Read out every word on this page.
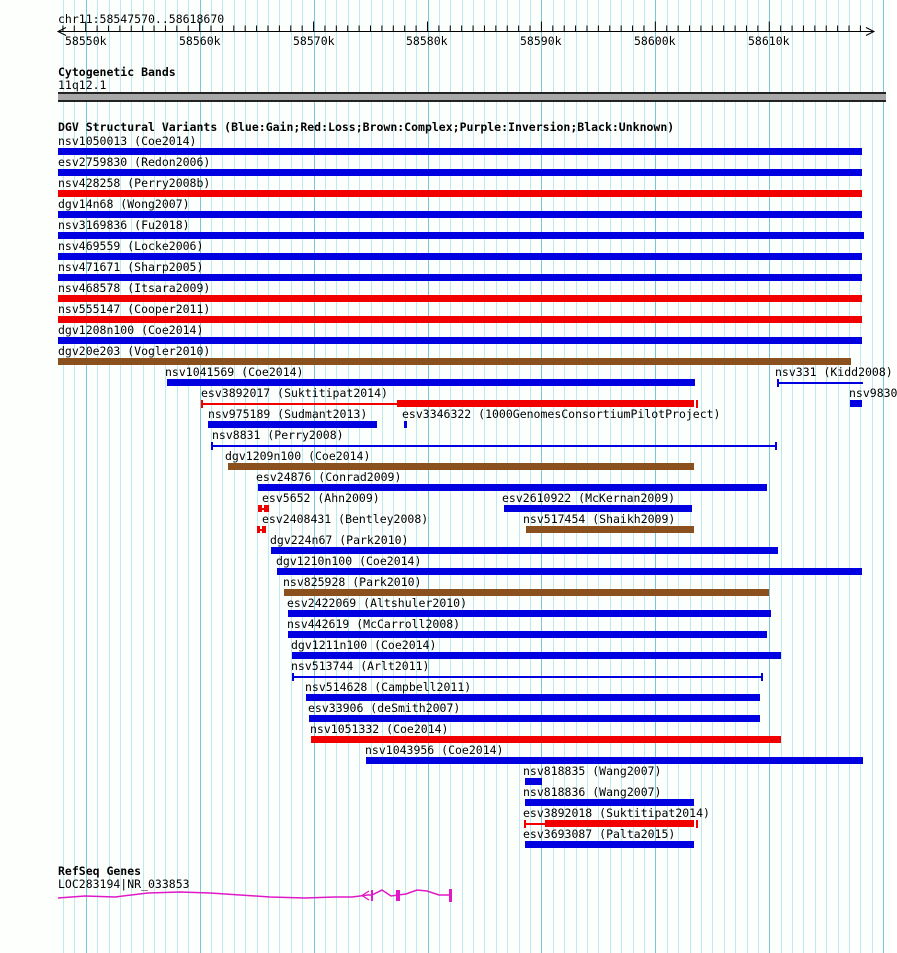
chr11:58547570..58618670
58550k	58560k	58570k	58580k	58590k	58600k	58610k
Cytogenetic Bands
11q12.1
DGV Structural Variants (Blue:Gain;Red:Loss;Brown:Complex;Purple:Inversion;Black:Unknown)
nsv1050013 (Coe2014)
esv2759830 (Redon2006)
nsv428258 (Perry2008b)
dgv14n68 (Wong2007)
nsv3169836 (Fu2018)
nsv469559 (Locke2006)
nsv471671 (Sharp2005)
nsv468578 (Itsara2009)
nsv555147 (Cooper2011)
dgv1208n100 (Coe2014)
dgv20e203 (Vogler2010)
nsv1041569 (Coe2014)	nsv331 (Kidd2008)
esv3892017 (Suktitipat2014)	nsv9830
nsv975189 (Sudmant2013)	esv3346322 (1000GenomesConsortiumPilotProject)
nsv8831 (Perry2008)
dgv1209n100 (Coe2014)
esv24876 (Conrad2009)
esv5652 (Ahn2009)	esv2610922 (McKernan2009)
esv2408431 (Bentley2008)	nsv517454 (Shaikh2009)
dgv224n67 (Park2010)
dgv1210n100 (Coe2014)
nsv825928 (Park2010)
esv2422069 (Altshuler2010)
nsv442619 (McCarroll2008)
dgv1211n100 (Coe2014)
nsv513744 (Arlt2011)
nsv514628 (Campbell2011)
esv33906 (deSmith2007)
nsv1051332 (Coe2014)
nsv1043956 (Coe2014)
nsv818835 (Wang2007)
nsv818836 (Wang2007)
esv3892018 (Suktitipat2014)
esv3693087 (Palta2015)
RefSeq Genes
LOC283194|NR_033853
